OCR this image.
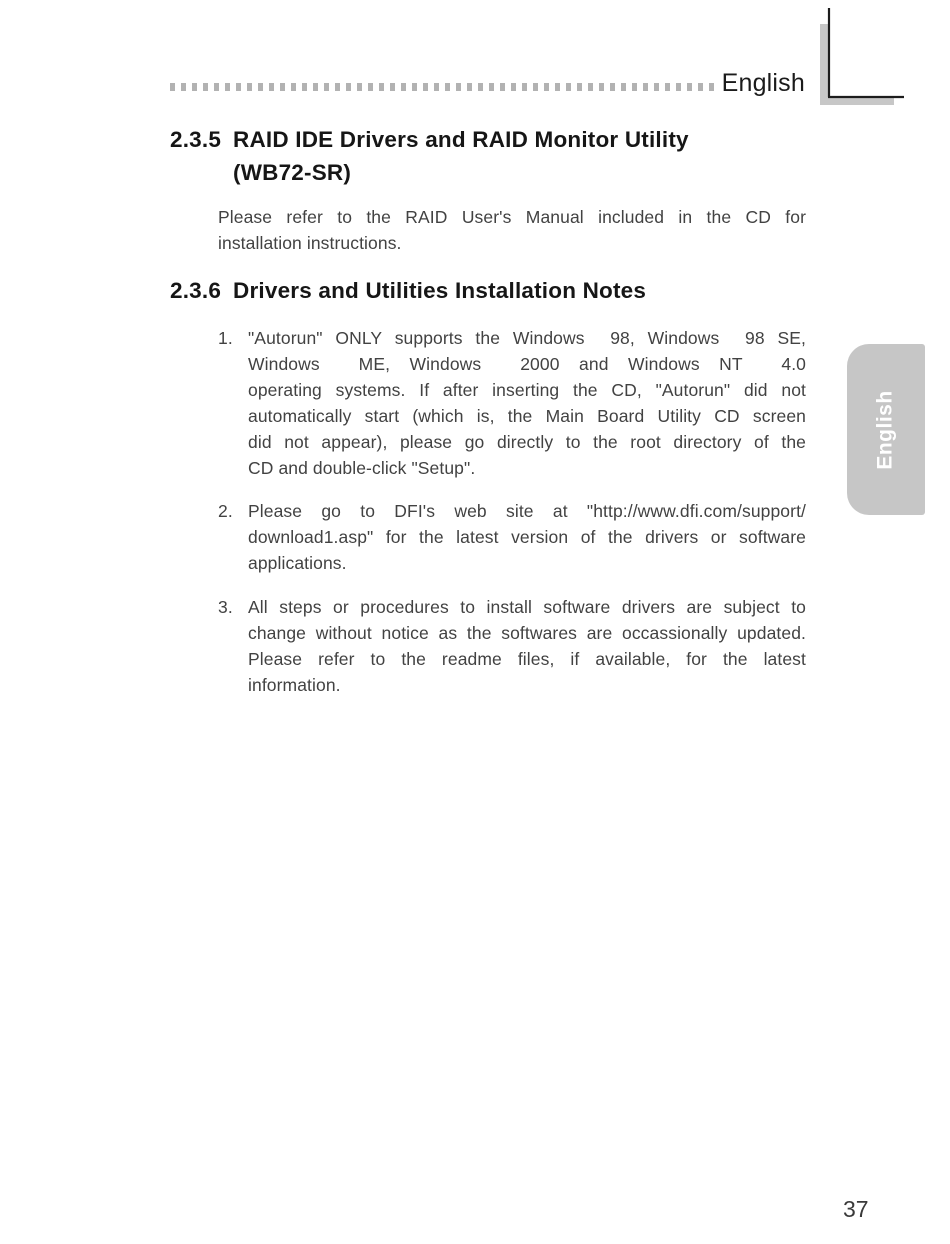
English
2.3.5 RAID IDE Drivers and RAID Monitor Utility
(WB72-SR)
Please refer to the RAID User's Manual included in the CD for
installation instructions.
2.3.6 Drivers and Utilities Installation Notes
1. "Autorun" ONLY supports the Windows  98, Windows  98 SE,
Windows  ME, Windows  2000 and Windows NT  4.0
operating systems. If after inserting the CD, "Autorun" did not
automatically start (which is, the Main Board Utility CD screen
did not appear), please go directly to the root directory of the
CD and double-click "Setup".
2. Please go to DFI's web site at "http://www.dfi.com/support/
download1.asp" for the latest version of the drivers or software
applications.
3. All steps or procedures to install software drivers are subject to
change without notice as the softwares are occassionally updated.
Please refer to the readme files, if available, for the latest
information.
English
37
